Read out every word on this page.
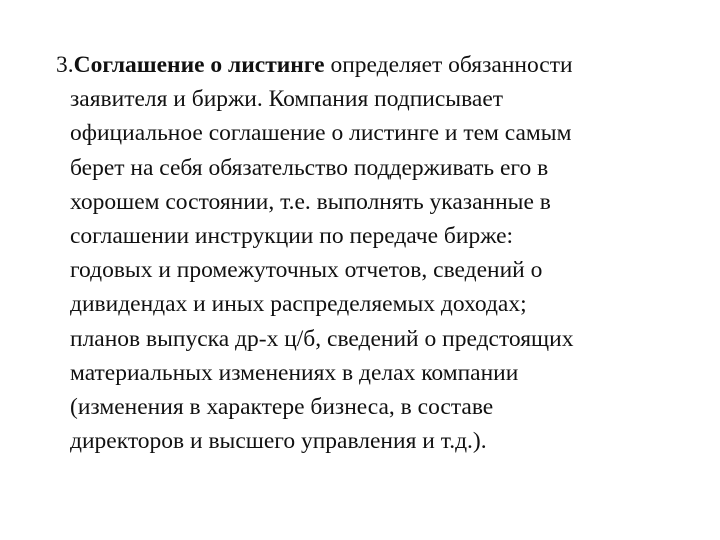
3.Соглашение о листинге определяет обязанности
заявителя и биржи. Компания подписывает
официальное соглашение о листинге и тем самым
берет на себя обязательство поддерживать его в
хорошем состоянии, т.е. выполнять указанные в
соглашении инструкции по передаче бирже:
годовых и промежуточных отчетов, сведений о
дивидендах и иных распределяемых доходах;
планов выпуска др-х ц/б, сведений о предстоящих
материальных изменениях в делах компании
(изменения в характере бизнеса, в составе
директоров и высшего управления и т.д.).
